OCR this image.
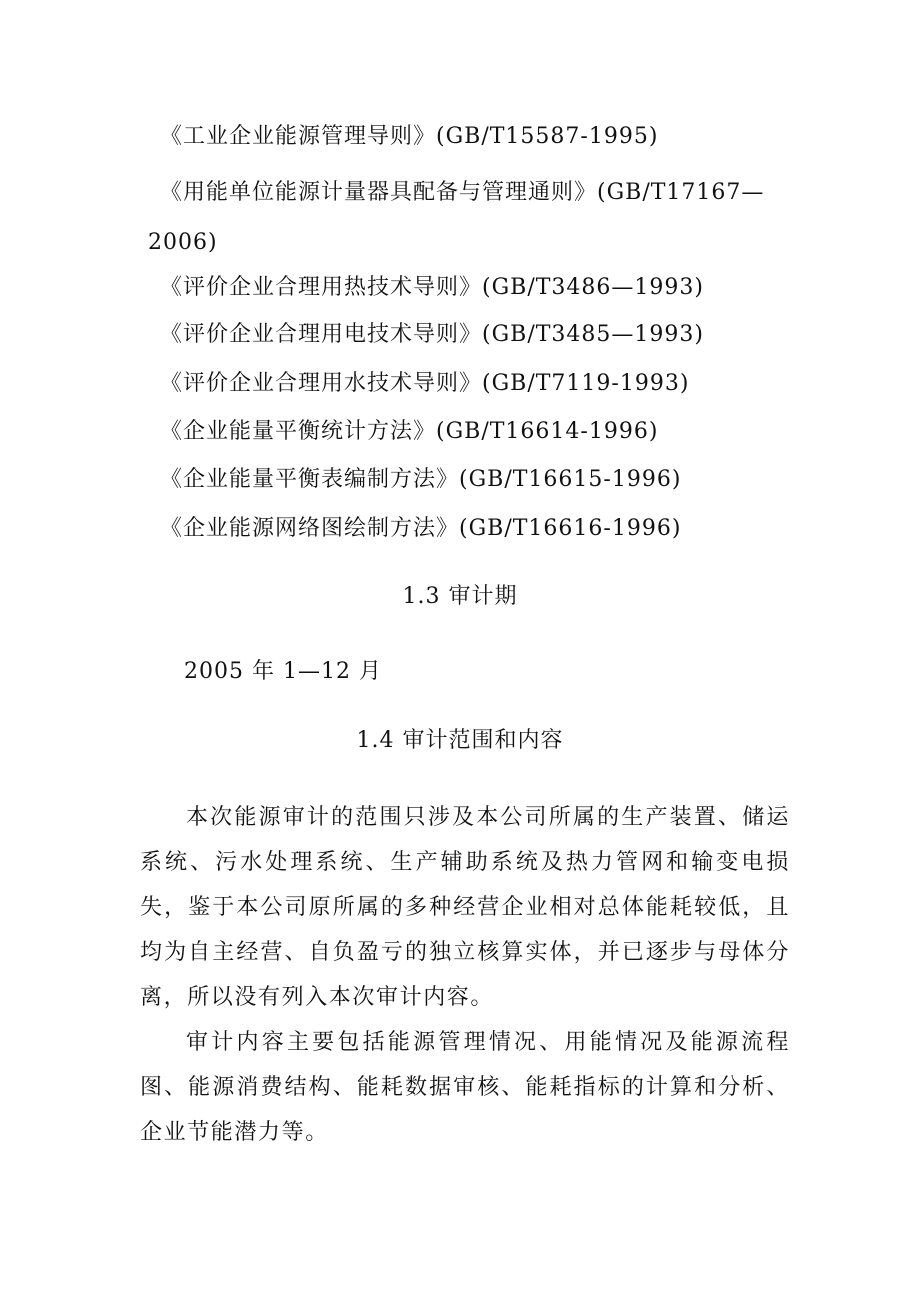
《工业企业能源管理导则》(GB/T15587-1995)
《用能单位能源计量器具配备与管理通则》(GB/T17167—
2006)
《评价企业合理用热技术导则》(GB/T3486—1993)
《评价企业合理用电技术导则》(GB/T3485—1993)
《评价企业合理用水技术导则》(GB/T7119-1993)
《企业能量平衡统计方法》(GB/T16614-1996)
《企业能量平衡表编制方法》(GB/T16615-1996)
《企业能源网络图绘制方法》(GB/T16616-1996)
1.3 审计期
2005 年 1—12 月
1.4 审计范围和内容
本次能源审计的范围只涉及本公司所属的生产装置、储运系统、污水处理系统、生产辅助系统及热力管网和输变电损失，鉴于本公司原所属的多种经营企业相对总体能耗较低，且均为自主经营、自负盈亏的独立核算实体，并已逐步与母体分离，所以没有列入本次审计内容。
审计内容主要包括能源管理情况、用能情况及能源流程图、能源消费结构、能耗数据审核、能耗指标的计算和分析、企业节能潜力等。
